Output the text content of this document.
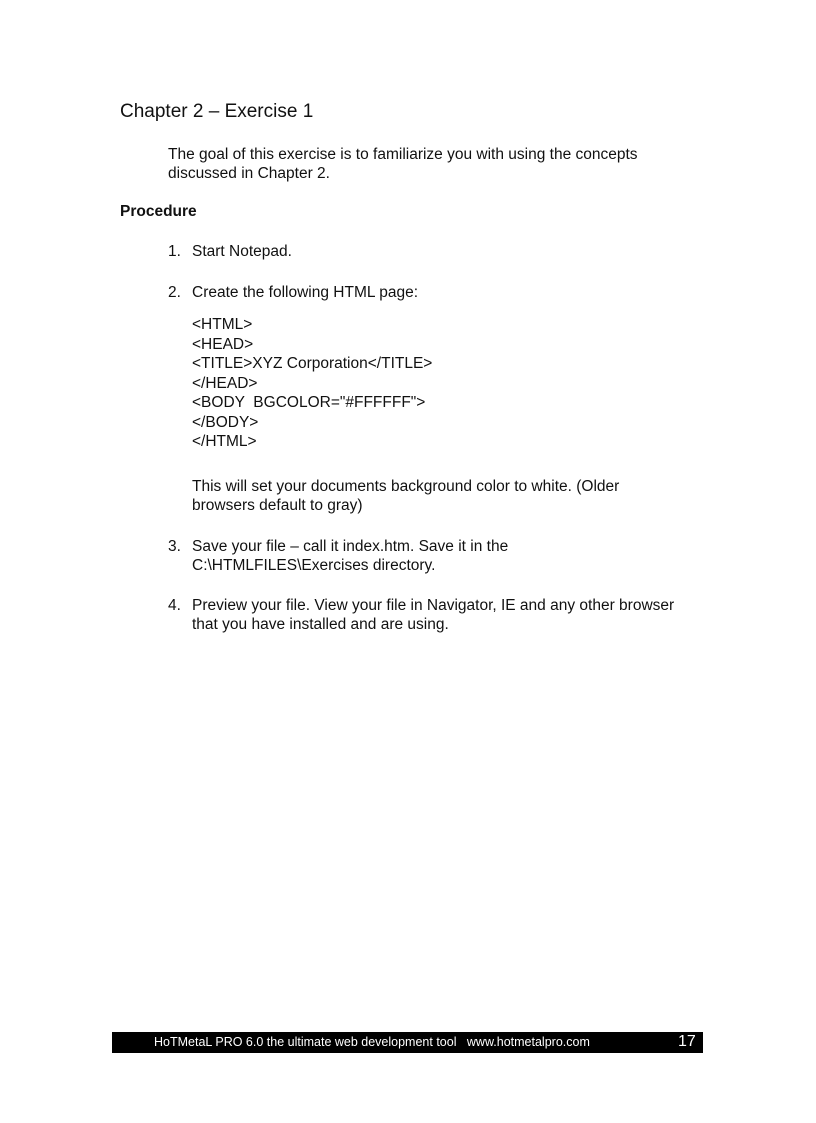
Chapter 2 – Exercise 1
The goal of this exercise is to familiarize you with using the concepts
discussed in Chapter 2.
Procedure
1. Start Notepad.
2. Create the following HTML page:
<HTML>
<HEAD>
<TITLE>XYZ Corporation</TITLE>
</HEAD>
<BODY  BGCOLOR="#FFFFFF">
</BODY>
</HTML>
This will set your documents background color to white. (Older
browsers default to gray)
3. Save your file – call it index.htm. Save it in the
C:\HTMLFILES\Exercises directory.
4. Preview your file. View your file in Navigator, IE and any other browser
that you have installed and are using.
HoTMetaL PRO 6.0 the ultimate web development tool   www.hotmetalpro.com	17
